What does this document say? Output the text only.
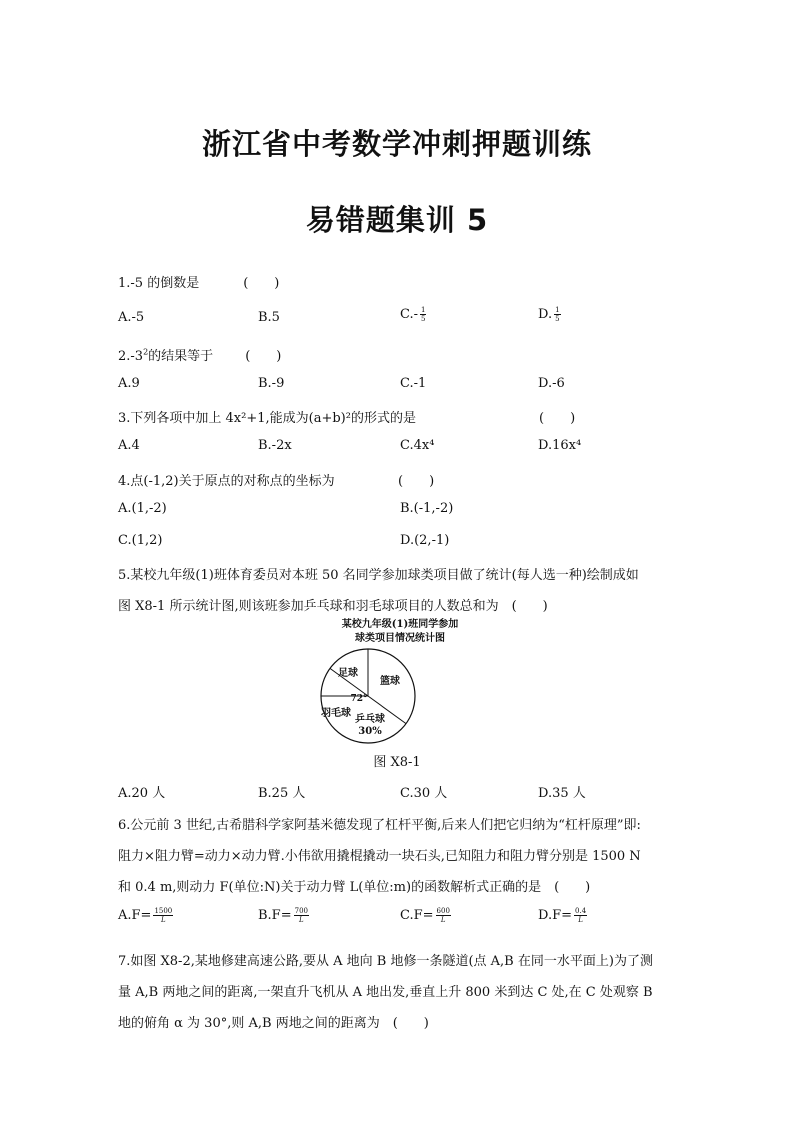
浙江省中考数学冲刺押题训练
易错题集训 5
1.-5 的倒数是	(　　)
A.-5	B.5	$C.- \frac{1}{5}$	D. $\frac{1}{5}$
$2.-3^2$的结果等于 (　　)
A.9	B.-9	C.-1	D.-6
3.下列各项中加上 4x²+1,能成为(a+b)²的形式的是	(　　)
A.4	B.-2x	C.4x⁴	D.16x⁴
4.点(-1,2)关于原点的对称点的坐标为	(　　)
A.(1,-2)	B.(-1,-2)
C.(1,2)	D.(2,-1)
5.某校九年级(1)班体育委员对本班 50 名同学参加球类项目做了统计(每人选一种)绘制成如
图 X8-1 所示统计图,则该班参加乒乓球和羽毛球项目的人数总和为　(　　)
某校九年级(1)班同学参加
球类项目情况统计图
篮球
乒乓球
30%
羽毛球
足球
72°
图 X8-1
A.20 人	B.25 人	C.30 人	D.35 人
6.公元前 3 世纪,古希腊科学家阿基米德发现了杠杆平衡,后来人们把它归纳为“杠杆原理”即:
阻力×阻力臂=动力×动力臂.小伟欲用撬棍撬动一块石头,已知阻力和阻力臂分别是 1500 N
和 0.4 m,则动力 F(单位:N)关于动力臂 L(单位:m)的函数解析式正确的是　(　　)
$A.F= \frac{1500}{L}$	$B.F= \frac{700}{L}$	$C.F= \frac{600}{L}$	$D.F= \frac{0.4}{L}$
7.如图 X8-2,某地修建高速公路,要从 A 地向 B 地修一条隧道(点 A,B 在同一水平面上)为了测
量 A,B 两地之间的距离,一架直升飞机从 A 地出发,垂直上升 800 米到达 C 处,在 C 处观察 B
地的俯角 α 为 30°,则 A,B 两地之间的距离为　(　　)
